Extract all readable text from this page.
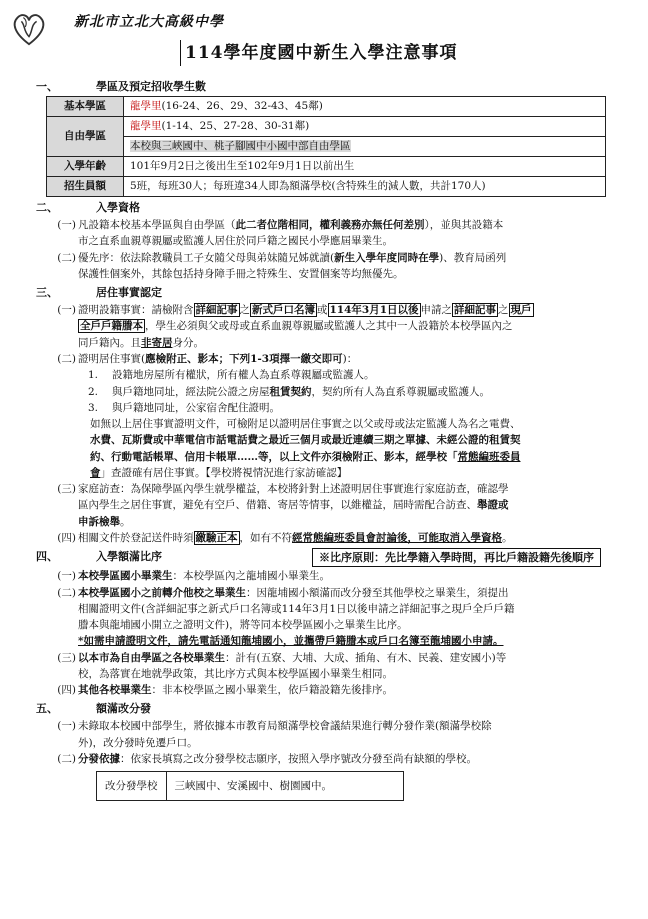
新北市立北大高級中學
114學年度國中新生入學注意事項
一、	學區及預定招收學生數
基本學區	龍學里(16-24、26、29、32-43、45鄰)
自由學區	龍學里(1-14、25、27-28、30-31鄰)
	本校與三峽國中、桃子腳國中小國中部自由學區
入學年齡	101年9月2日之後出生至102年9月1日以前出生
招生員額	5班，每班30人；每班違34人即為額滿學校(含特殊生的減人數，共計170人)
二、	入學資格
(一) 凡設籍本校基本學區與自由學區（此二者位階相同，權利義務亦無任何差別），並與其設籍本
市之直系血親尊親屬或監護人居住於同戶籍之國民小學應屆畢業生。
(二) 優先序：依法除教職員工子女隨父母與弟妹隨兄姊就讀(新生入學年度同時在學)、教育局函列
保護性個案外，其餘包括持身障手冊之特殊生、安置個案等均無優先。
三、	居住事實認定
(一) 證明設籍事實：請檢附含 詳細記事 之 新式戶口名簿 或 114年3月1日以後 申請之 詳細記事 之 現戶
全戶戶籍謄本 ，學生必須與父或母或直系血親尊親屬或監護人之其中一人設籍於本校學區內之
同戶籍內。且非寄居身分。
(二) 證明居住事實(應檢附正、影本；下列1-3項擇一繳交即可)：
1.	設籍地房屋所有權狀，所有權人為直系尊親屬或監護人。
2.	與戶籍地同址，經法院公證之房屋租賃契約，契約所有人為直系尊親屬或監護人。
3.	與戶籍地同址，公家宿舍配住證明。
如無以上居住事實證明文件，可檢附足以證明居住事實之以父或母或法定監護人為名之電費、
水費、瓦斯費或中華電信市話電話費之最近三個月或最近連續三期之單據、未經公證的租賃契
約、行動電話帳單、信用卡帳單……等，以上文件亦須檢附正、影本，經學校「常態編班委員
會」查證確有居住事實。【學校將視情況進行家訪確認】
(三) 家庭訪查：為保障學區內學生就學權益，本校將針對上述證明居住事實進行家庭訪查，確認學
區內學生之居住事實，避免有空戶、借籍、寄居等情事，以維權益，屆時需配合訪查、舉證或
申訴檢舉。
(四) 相關文件於登記送件時須 繳驗正本 ，如有不符經常態編班委員會討論後，可能取消入學資格。
四、	入學額滿比序	※比序原則：先比學籍入學時間，再比戶籍設籍先後順序
(一) 本校學區國小畢業生：本校學區內之龍埔國小畢業生。
(二) 本校學區國小之前轉介他校之畢業生：因龍埔國小額滿而改分發至其他學校之畢業生，須提出
相關證明文件(含詳細記事之新式戶口名簿或114年3月1日以後申請之詳細記事之現戶全戶戶籍
謄本與龍埔國小開立之證明文件)，將等同本校學區國小之畢業生比序。
*如需申請證明文件，請先電話通知龍埔國小，並攜帶戶籍謄本或戶口名簿至龍埔國小申請。
(三) 以本市為自由學區之各校畢業生：計有(五寮、大埔、大成、插角、有木、民義、建安國小)等
校，為落實在地就學政策，其比序方式與本校學區國小畢業生相同。
(四) 其他各校畢業生：非本校學區之國小畢業生，依戶籍設籍先後排序。
五、	額滿改分發
(一) 未錄取本校國中部學生，將依據本市教育局額滿學校會議結果進行轉分發作業(額滿學校除
外)，改分發時免遷戶口。
(二) 分發依據：依家長填寫之改分發學校志願序，按照入學序號改分發至尚有缺額的學校。
改分發學校	三峽國中、安溪國中、樹園國中。
